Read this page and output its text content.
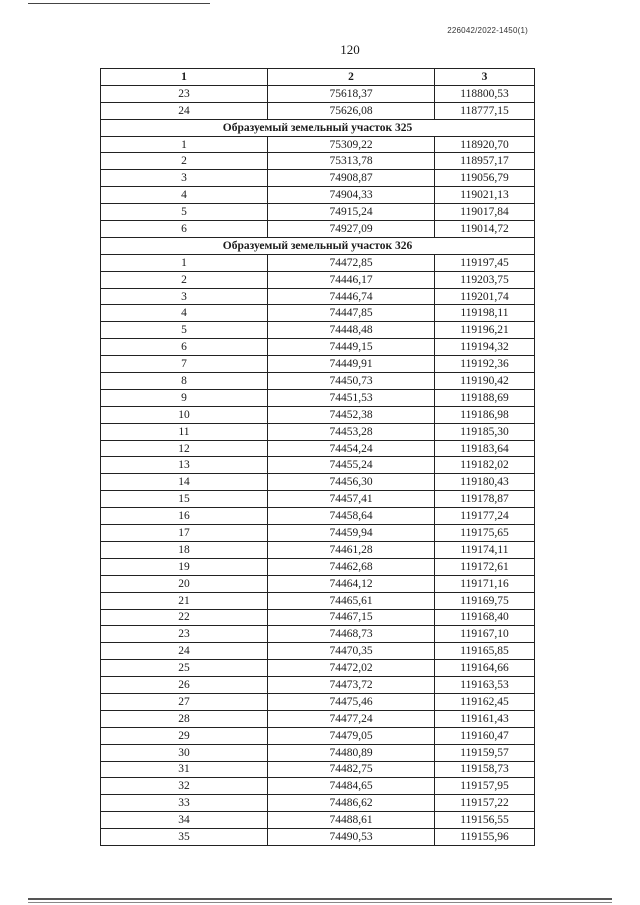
226042/2022-1450(1)
120
1	2	3
23	75618,37	118800,53
24	75626,08	118777,15
Образуемый земельный участок 325		
1	75309,22	118920,70
2	75313,78	118957,17
3	74908,87	119056,79
4	74904,33	119021,13
5	74915,24	119017,84
6	74927,09	119014,72
Образуемый земельный участок 326		
1	74472,85	119197,45
2	74446,17	119203,75
3	74446,74	119201,74
4	74447,85	119198,11
5	74448,48	119196,21
6	74449,15	119194,32
7	74449,91	119192,36
8	74450,73	119190,42
9	74451,53	119188,69
10	74452,38	119186,98
11	74453,28	119185,30
12	74454,24	119183,64
13	74455,24	119182,02
14	74456,30	119180,43
15	74457,41	119178,87
16	74458,64	119177,24
17	74459,94	119175,65
18	74461,28	119174,11
19	74462,68	119172,61
20	74464,12	119171,16
21	74465,61	119169,75
22	74467,15	119168,40
23	74468,73	119167,10
24	74470,35	119165,85
25	74472,02	119164,66
26	74473,72	119163,53
27	74475,46	119162,45
28	74477,24	119161,43
29	74479,05	119160,47
30	74480,89	119159,57
31	74482,75	119158,73
32	74484,65	119157,95
33	74486,62	119157,22
34	74488,61	119156,55
35	74490,53	119155,96
